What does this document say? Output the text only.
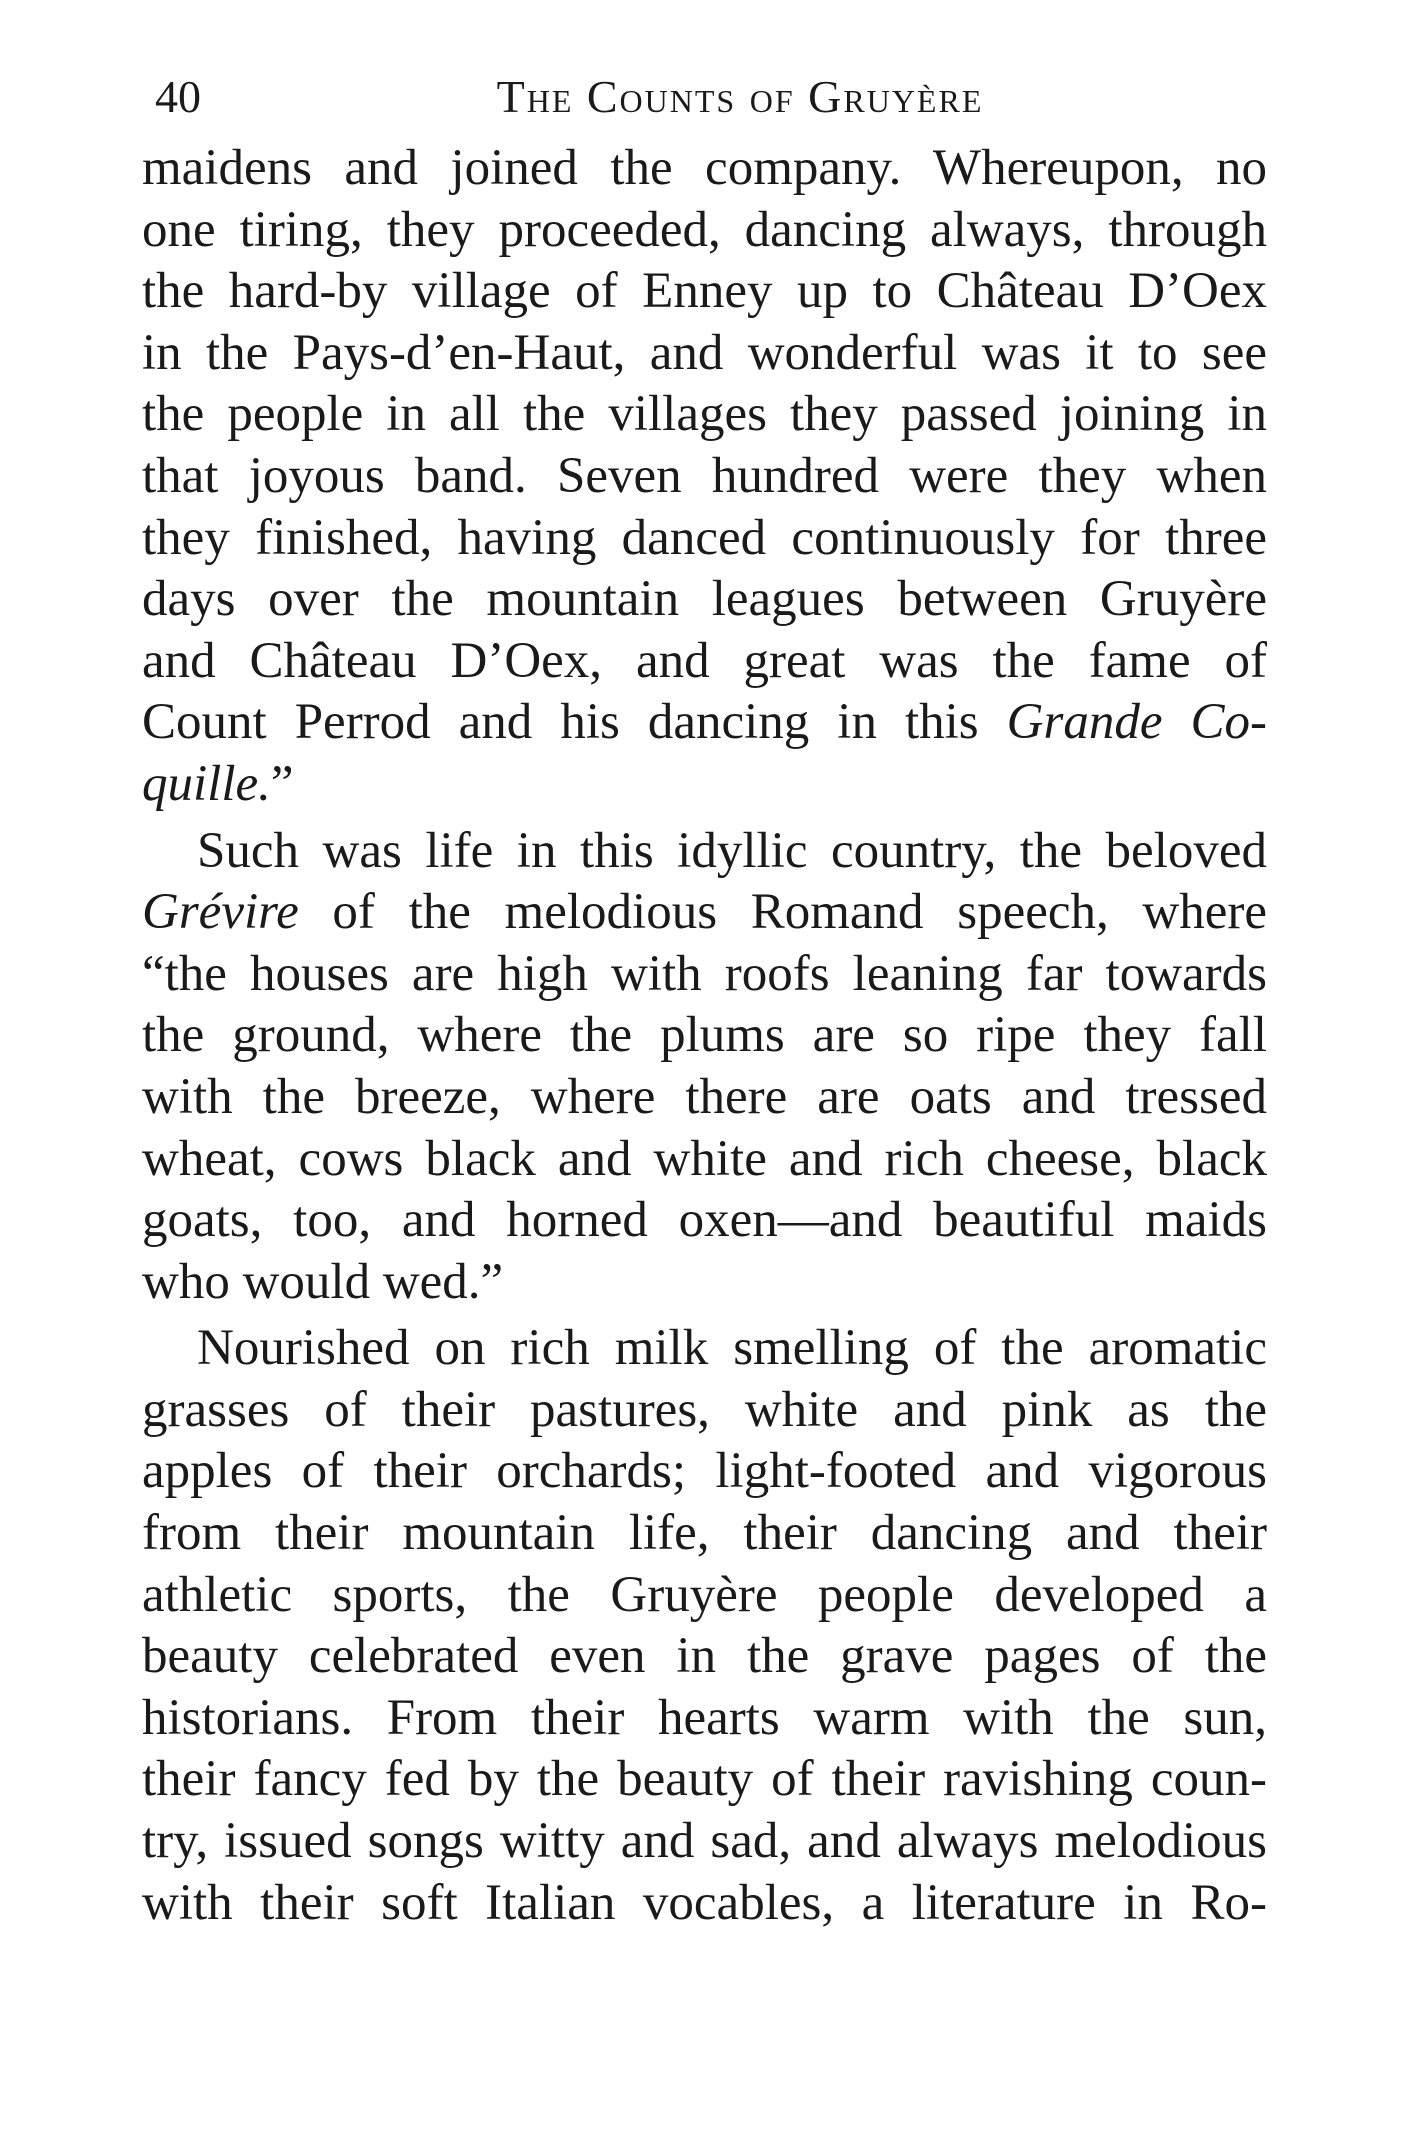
40	The Counts of Gruyère
maidens and joined the company. Whereupon, no
one tiring, they proceeded, dancing always, through
the hard-by village of Enney up to Château D’Oex
in the Pays-d’en-Haut, and wonderful was it to see
the people in all the villages they passed joining in
that joyous band. Seven hundred were they when
they finished, having danced continuously for three
days over the mountain leagues between Gruyère
and Château D’Oex, and great was the fame of
Count Perrod and his dancing in this Grande Co-
quille.”
Such was life in this idyllic country, the beloved
Grévire of the melodious Romand speech, where
“the houses are high with roofs leaning far towards
the ground, where the plums are so ripe they fall
with the breeze, where there are oats and tressed
wheat, cows black and white and rich cheese, black
goats, too, and horned oxen—and beautiful maids
who would wed.”
Nourished on rich milk smelling of the aromatic
grasses of their pastures, white and pink as the
apples of their orchards; light-footed and vigorous
from their mountain life, their dancing and their
athletic sports, the Gruyère people developed a
beauty celebrated even in the grave pages of the
historians. From their hearts warm with the sun,
their fancy fed by the beauty of their ravishing coun-
try, issued songs witty and sad, and always melodious
with their soft Italian vocables, a literature in Ro-
